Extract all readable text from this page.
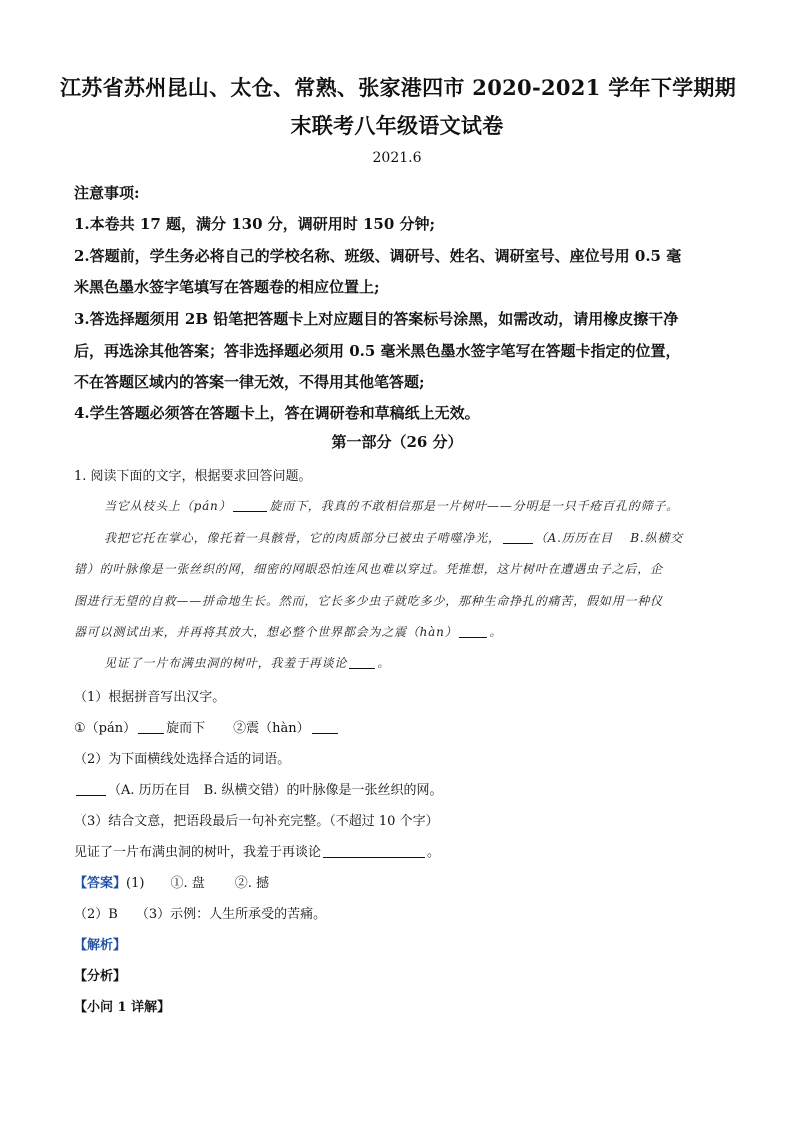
江苏省苏州昆山、太仓、常熟、张家港四市 2020-2021 学年下学期期
末联考八年级语文试卷
2021.6
注意事项:
1.本卷共 17 题，满分 130 分，调研用时 150 分钟;
2.答题前，学生务必将自己的学校名称、班级、调研号、姓名、调研室号、座位号用 0.5 毫
米黑色墨水签字笔填写在答题卷的相应位置上;
3.答选择题须用 2B 铅笔把答题卡上对应题目的答案标号涂黑，如需改动，请用橡皮擦干净
后，再选涂其他答案；答非选择题必须用 0.5 毫米黑色墨水签字笔写在答题卡指定的位置，
不在答题区域内的答案一律无效，不得用其他笔答题;
4.学生答题必须答在答题卡上，答在调研卷和草稿纸上无效。
第一部分（26 分）
1. 阅读下面的文字，根据要求回答问题。
当它从枝头上（pán）	旋而下，我真的不敢相信那是一片树叶——分明是一只千疮百孔的筛子。
我把它托在掌心，像托着一具骸骨，它的肉质部分已被虫子啃噬净光，	（A.历历在目　 B.纵横交
错）的叶脉像是一张丝织的网，细密的网眼恐怕连风也难以穿过。凭推想，这片树叶在遭遇虫子之后，企
图进行无望的自救——拼命地生长。然而，它长多少虫子就吃多少，那种生命挣扎的痛苦，假如用一种仪
器可以测试出来，并再将其放大，想必整个世界都会为之震（hàn）	。
见证了一片布满虫洞的树叶，我羞于再谈论	。
（1）根据拼音写出汉字。
①（pán） 旋而下 ②震（hàn）
（2）为下面横线处选择合适的词语。
（A. 历历在目　B. 纵横交错）的叶脉像是一张丝织的网。
（3）结合文意，把语段最后一句补充完整。（不超过 10 个字）
见证了一片布满虫洞的树叶，我羞于再谈论	。
【答案】(1) ①. 盘 ②. 撼
（2）B （3）示例：人生所承受的苦痛。
【解析】
【分析】
【小问 1 详解】
